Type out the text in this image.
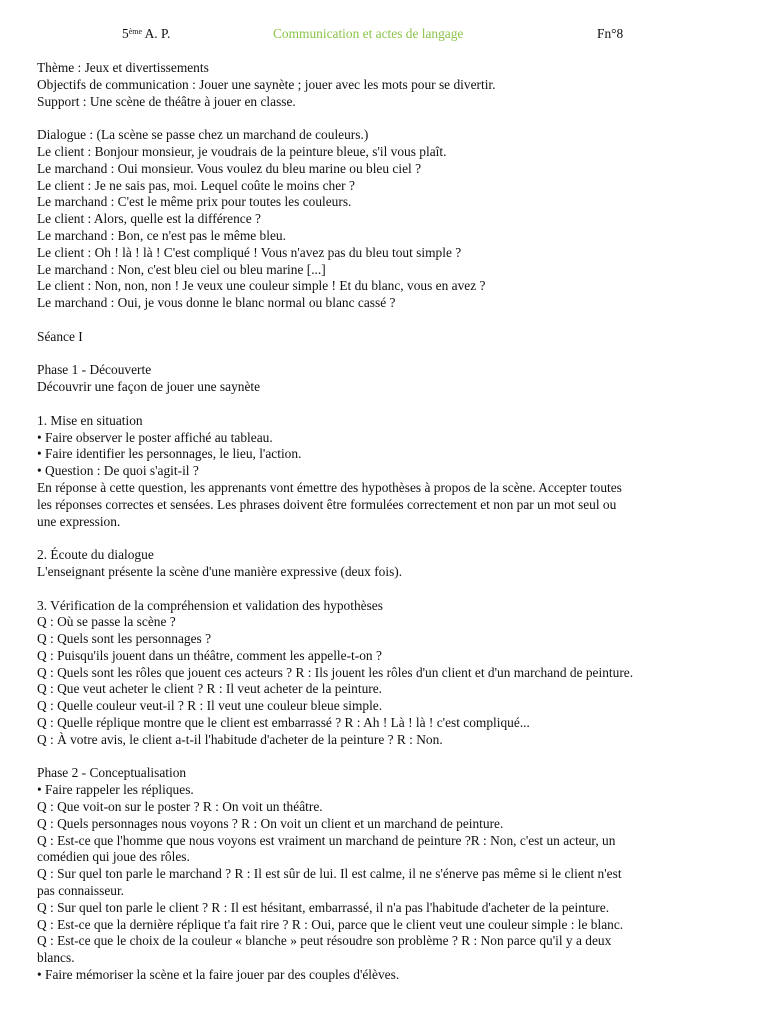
5ème A. P.	Communication et actes de langage	Fn°8
Thème : Jeux et divertissements
Objectifs de communication : Jouer une saynète ; jouer avec les mots pour se divertir.
Support : Une scène de théâtre à jouer en classe.
Dialogue : (La scène se passe chez un marchand de couleurs.)
Le client : Bonjour monsieur, je voudrais de la peinture bleue, s'il vous plaît.
Le marchand : Oui monsieur. Vous voulez du bleu marine ou bleu ciel ?
Le client : Je ne sais pas, moi. Lequel coûte le moins cher ?
Le marchand : C'est le même prix pour toutes les couleurs.
Le client : Alors, quelle est la différence ?
Le marchand : Bon, ce n'est pas le même bleu.
Le client : Oh ! là ! là ! C'est compliqué ! Vous n'avez pas du bleu tout simple ?
Le marchand : Non, c'est bleu ciel ou bleu marine [...]
Le client : Non, non, non ! Je veux une couleur simple ! Et du blanc, vous en avez ?
Le marchand : Oui, je vous donne le blanc normal ou blanc cassé ?
Séance I
Phase 1 - Découverte
Découvrir une façon de jouer une saynète
1. Mise en situation
• Faire observer le poster affiché au tableau.
• Faire identifier les personnages, le lieu, l'action.
• Question : De quoi s'agit-il ?
En réponse à cette question, les apprenants vont émettre des hypothèses à propos de la scène. Accepter toutes
les réponses correctes et sensées. Les phrases doivent être formulées correctement et non par un mot seul ou
une expression.
2. Écoute du dialogue
L'enseignant présente la scène d'une manière expressive (deux fois).
3. Vérification de la compréhension et validation des hypothèses
Q : Où se passe la scène ?
Q : Quels sont les personnages ?
Q : Puisqu'ils jouent dans un théâtre, comment les appelle-t-on ?
Q : Quels sont les rôles que jouent ces acteurs ? R : Ils jouent les rôles d'un client et d'un marchand de peinture.
Q : Que veut acheter le client ? R : Il veut acheter de la peinture.
Q : Quelle couleur veut-il ? R : Il veut une couleur bleue simple.
Q : Quelle réplique montre que le client est embarrassé ? R : Ah ! Là ! là ! c'est compliqué...
Q : À votre avis, le client a-t-il l'habitude d'acheter de la peinture ? R : Non.
Phase 2 - Conceptualisation
• Faire rappeler les répliques.
Q : Que voit-on sur le poster ? R : On voit un théâtre.
Q : Quels personnages nous voyons ? R : On voit un client et un marchand de peinture.
Q : Est-ce que l'homme que nous voyons est vraiment un marchand de peinture ?R : Non, c'est un acteur, un
comédien qui joue des rôles.
Q : Sur quel ton parle le marchand ? R : Il est sûr de lui. Il est calme, il ne s'énerve pas même si le client n'est
pas connaisseur.
Q : Sur quel ton parle le client ? R : Il est hésitant, embarrassé, il n'a pas l'habitude d'acheter de la peinture.
Q : Est-ce que la dernière réplique t'a fait rire ? R : Oui, parce que le client veut une couleur simple : le blanc.
Q : Est-ce que le choix de la couleur « blanche » peut résoudre son problème ? R : Non parce qu'il y a deux
blancs.
• Faire mémoriser la scène et la faire jouer par des couples d'élèves.
